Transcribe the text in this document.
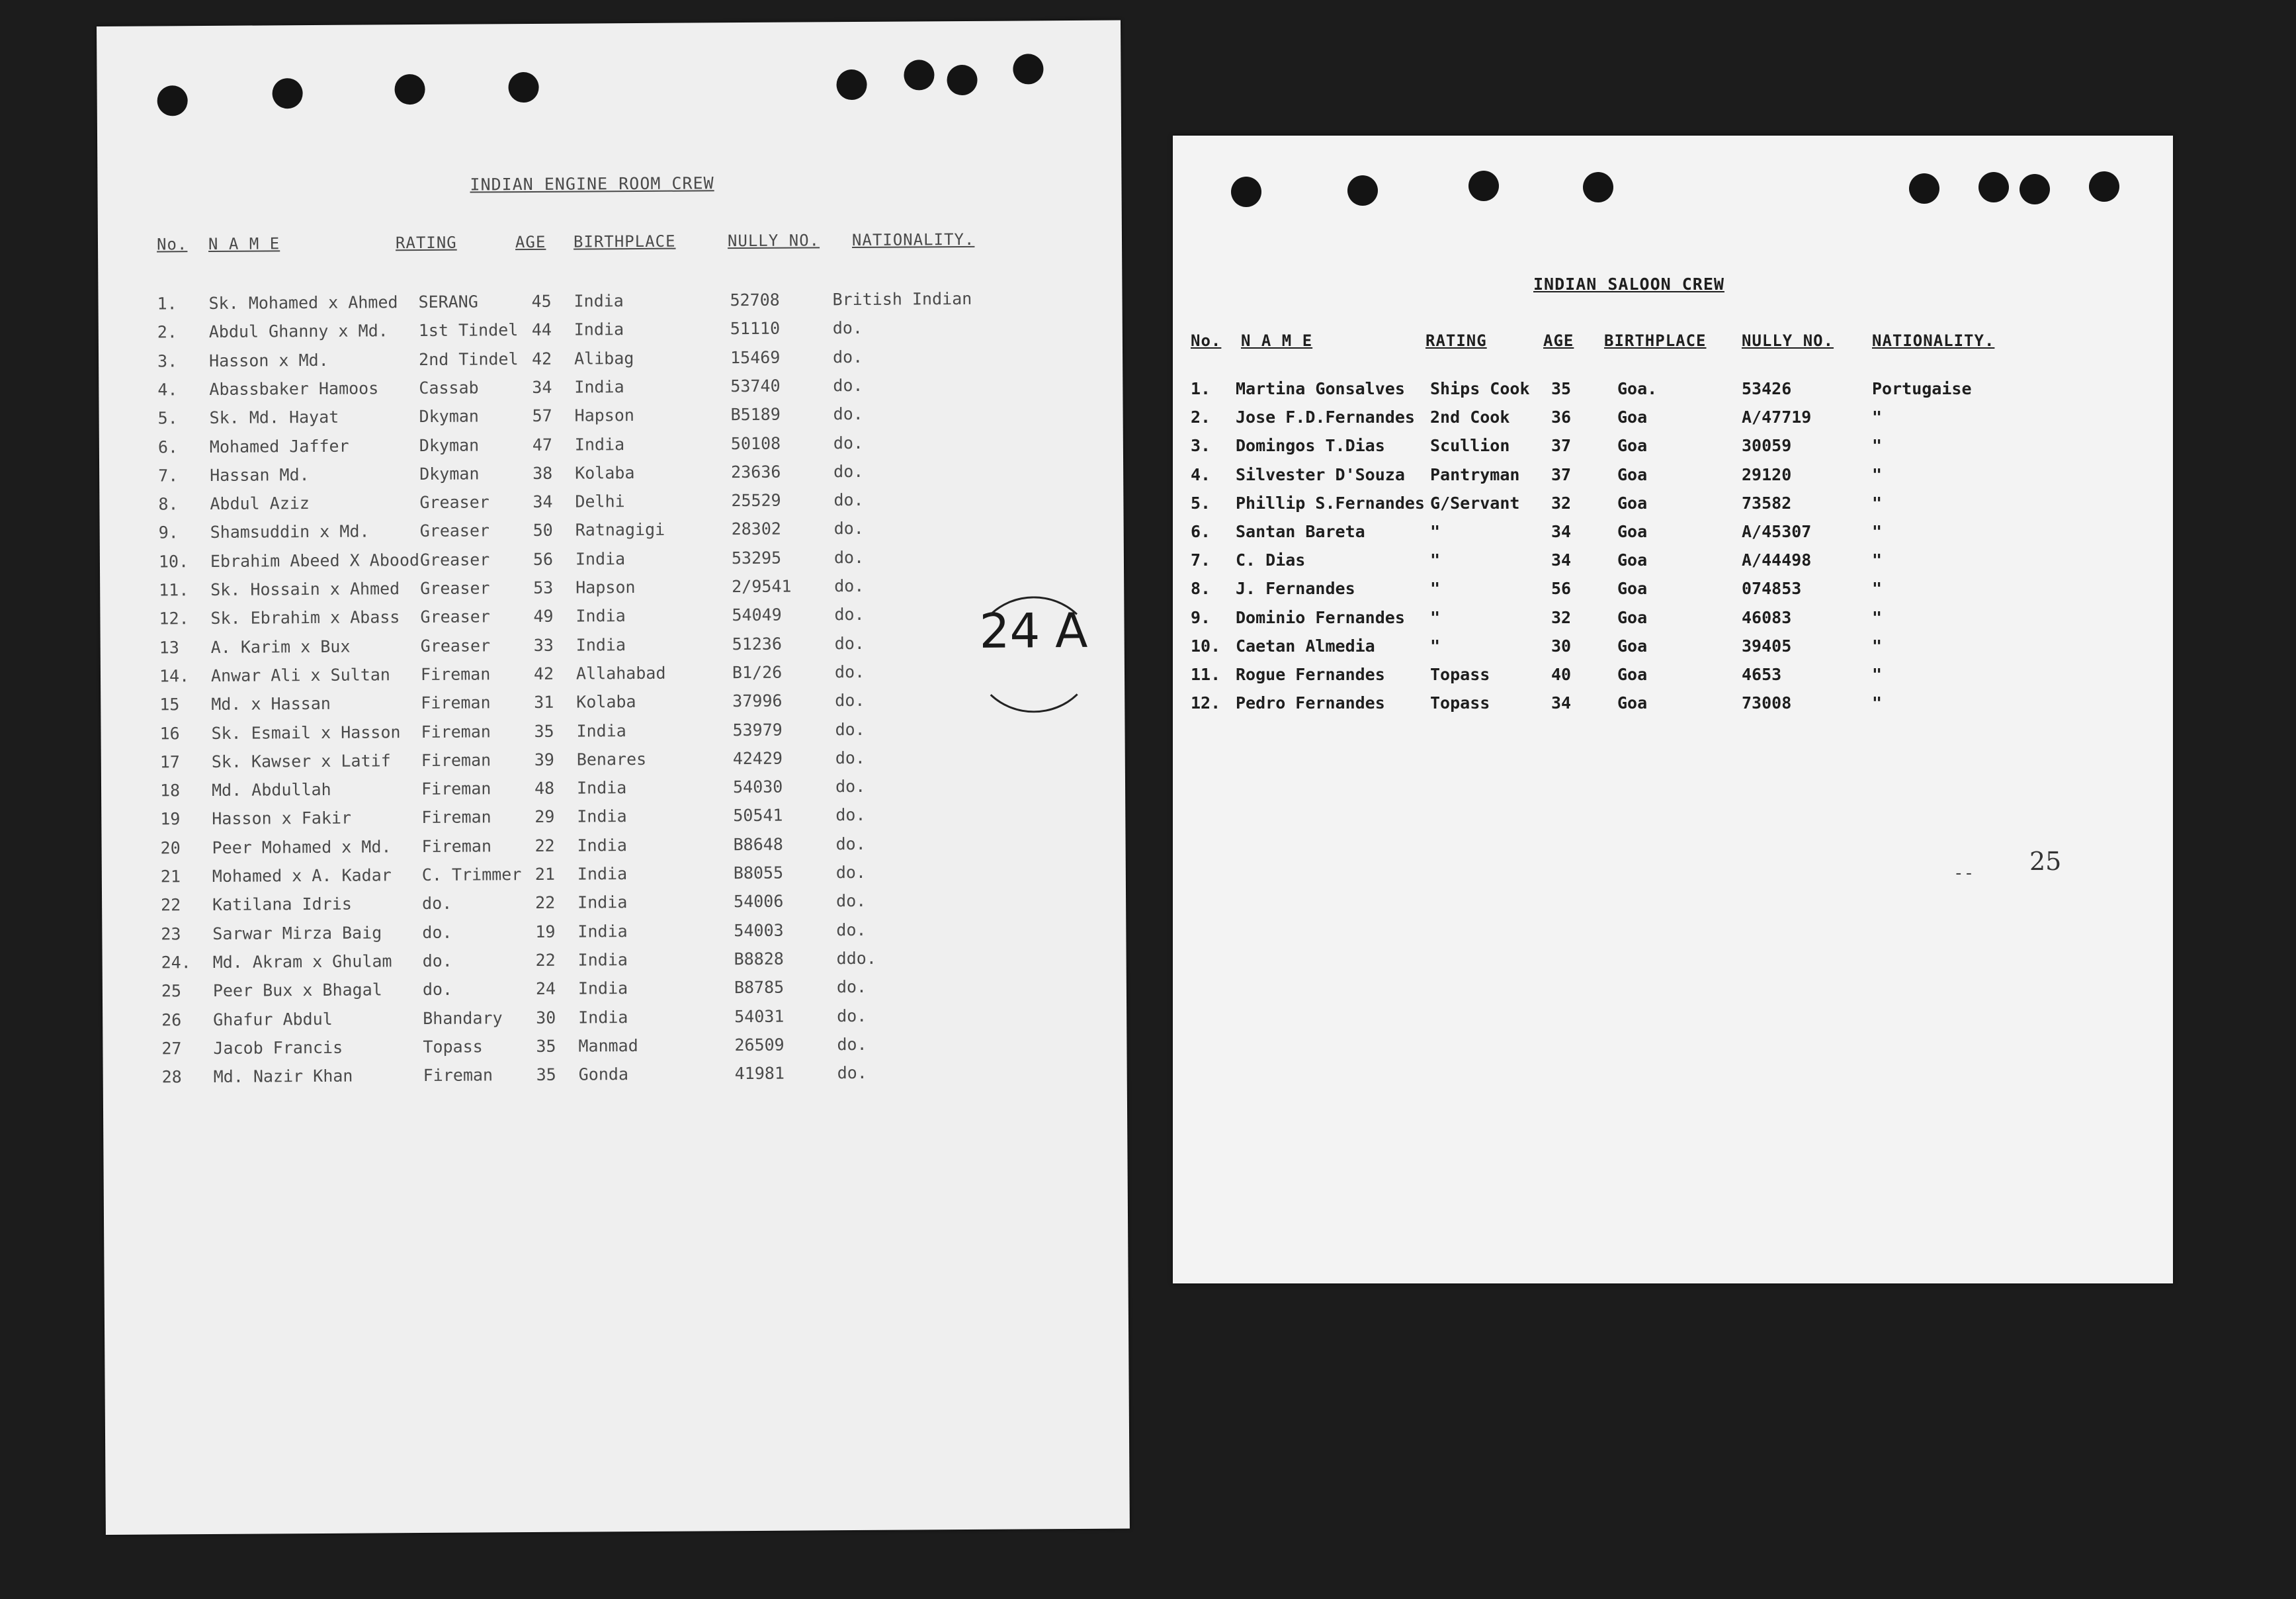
INDIAN ENGINE ROOM CREW
No. N A M E	RATING	AGE BIRTHPLACE	NULLY NO. NATIONALITY.
1. Sk. Mohamed x Ahmed SERANG	45 India	52708	British Indian
2. Abdul Ghanny x Md. 1st Tindel 44 India	51110	do.
3. Hasson x Md.	2nd Tindel 42 Alibag	15469	do.
4. Abassbaker Hamoos Cassab	34 India	53740	do.
5. Sk. Md. Hayat	Dkyman	57 Hapson	B5189	do.
6. Mohamed Jaffer	Dkyman	47 India	50108	do.
7. Hassan Md.	Dkyman	38 Kolaba	23636	do.
8. Abdul Aziz	Greaser	34 Delhi	25529	do.
9. Shamsuddin x Md.	Greaser	50 Ratnagigi	28302	do.
10. Ebrahim Abeed X Abood Greaser	56 India	53295	do.
11. Sk. Hossain x Ahmed Greaser	53 Hapson	2/9541	do.
12. Sk. Ebrahim x Abass Greaser	49 India	54049	do.
13 A. Karim x Bux	Greaser	33 India	51236	do.
14. Anwar Ali x Sultan Fireman	42 Allahabad	B1/26	do.
15 Md. x Hassan	Fireman	31 Kolaba	37996	do.
16 Sk. Esmail x Hasson Fireman	35 India	53979	do.
17 Sk. Kawser x Latif Fireman	39 Benares	42429	do.
18 Md. Abdullah	Fireman	48 India	54030	do.
19 Hasson x Fakir	Fireman	29 India	50541	do.
20 Peer Mohamed x Md. Fireman	22 India	B8648	do.
21 Mohamed x A. Kadar C. Trimmer 21 India	B8055	do.
22 Katilana Idris	do.	22 India	54006	do.
23 Sarwar Mirza Baig do.	19 India	54003	do.
24. Md. Akram x Ghulam do.	22 India	B8828	ddo.
25 Peer Bux x Bhagal do.	24 India	B8785	do.
26 Ghafur Abdul	Bhandary 30 India	54031	do.
27 Jacob Francis	Topass	35 Manmad	26509	do.
28 Md. Nazir Khan	Fireman	35 Gonda	41981	do.
24 A
INDIAN SALOON CREW
No. N A M E	RATING	AGE BIRTHPLACE NULLY NO. NATIONALITY.
1. Martina Gonsalves Ships Cook 35	Goa.	53426	Portugaise
2. Jose F.D.Fernandes 2nd Cook	36	Goa	A/47719	"
3. Domingos T.Dias	Scullion	37	Goa	30059	"
4. Silvester D'Souza Pantryman 37	Goa	29120	"
5. Phillip S.Fernandes G/Servant 32	Goa	73582	"
6. Santan Bareta	"	34	Goa	A/45307	"
7. C. Dias	"	34	Goa	A/44498	"
8. J. Fernandes	"	56	Goa	074853	"
9. Dominio Fernandes "	32	Goa	46083	"
10. Caetan Almedia	"	30	Goa	39405	"
11. Rogue Fernandes	Topass	40	Goa	4653	"
12. Pedro Fernandes	Topass	34	Goa	73008	"
-- 25
